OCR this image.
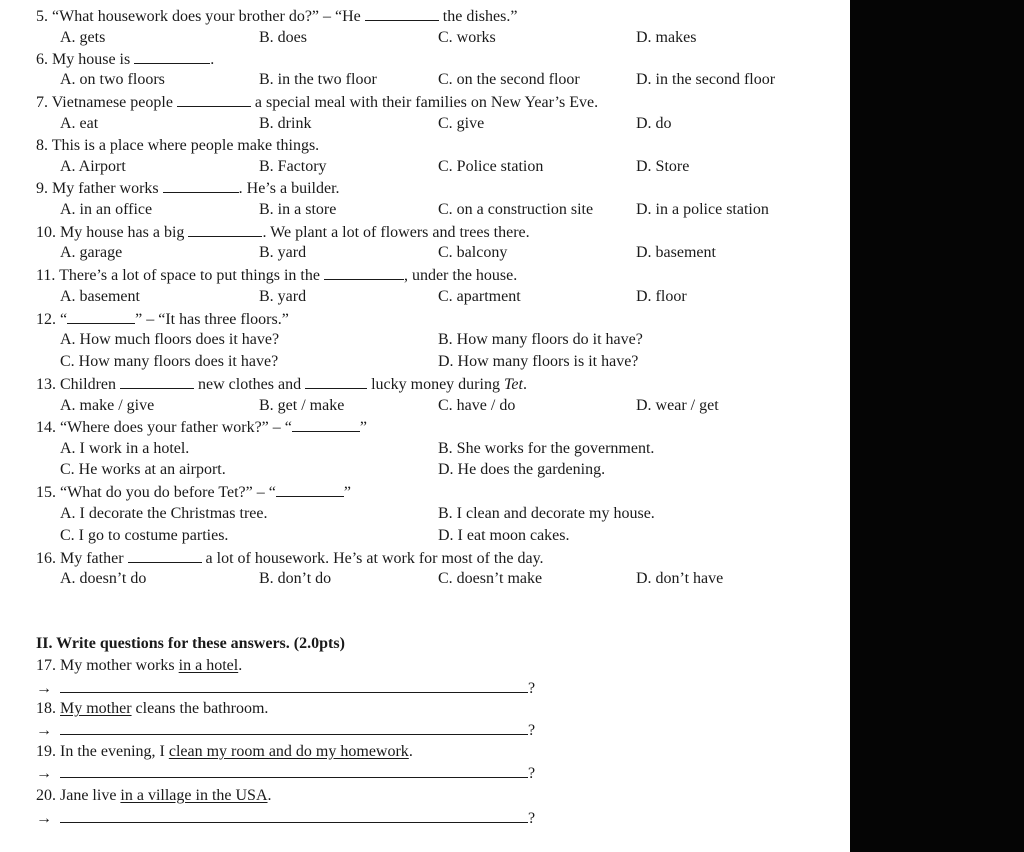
5. “What housework does your brother do?” – “He	the dishes.”
A. gets	B. does	C. works	D. makes
6. My house is	.
A. on two floors	B. in the two floor	C. on the second floor	D. in the second floor
7. Vietnamese people	a special meal with their families on New Year’s Eve.
A. eat	B. drink	C. give	D. do
8. This is a place where people make things.
A. Airport	B. Factory	C. Police station	D. Store
9. My father works	. He’s a builder.
A. in an office	B. in a store	C. on a construction site	D. in a police station
10. My house has a big	. We plant a lot of flowers and trees there.
A. garage	B. yard	C. balcony	D. basement
11. There’s a lot of space to put things in the	, under the house.
A. basement	B. yard	C. apartment	D. floor
12. “	” – “It has three floors.”
A. How much floors does it have?	B. How many floors do it have?
C. How many floors does it have?	D. How many floors is it have?
13. Children	new clothes and	lucky money during Tet.
A. make / give	B. get / make	C. have / do	D. wear / get
14. “Where does your father work?” – “	”
A. I work in a hotel.	B. She works for the government.
C. He works at an airport.	D. He does the gardening.
15. “What do you do before Tet?” – “	”
A. I decorate the Christmas tree.	B. I clean and decorate my house.
C. I go to costume parties.	D. I eat moon cakes.
16. My father	a lot of housework. He’s at work for most of the day.
A. doesn’t do	B. don’t do	C. doesn’t make	D. don’t have
II. Write questions for these answers. (2.0pts)
17. My mother works in a hotel.
→	?
18. My mother cleans the bathroom.
→	?
19. In the evening, I clean my room and do my homework.
→	?
20. Jane live in a village in the USA.
→	?
